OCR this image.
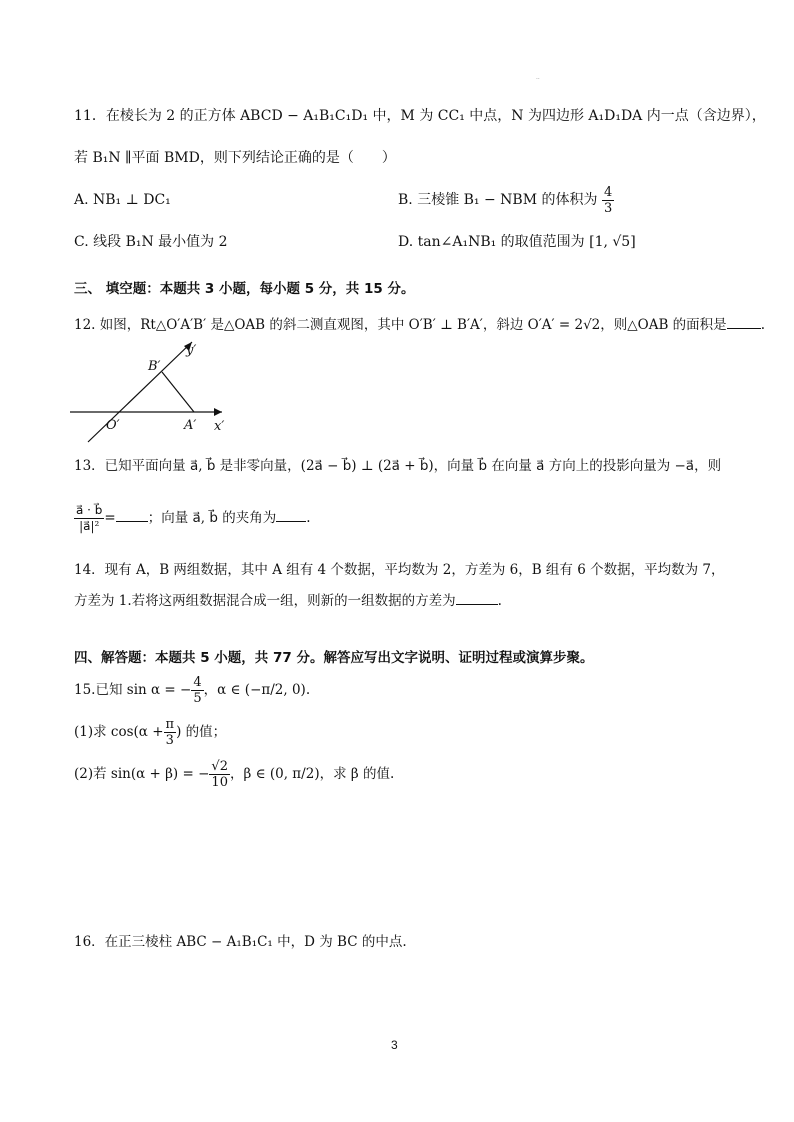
··
11．在棱长为 2 的正方体 ABCD − A₁B₁C₁D₁ 中，M 为 CC₁ 中点，N 为四边形 A₁D₁DA 内一点（含边界），
若 B₁N ∥平面 BMD，则下列结论正确的是（　　）
A. NB₁ ⊥ DC₁	B. 三棱锥 B₁ − NBM 的体积为 $\frac{4}{3}$
C. 线段 B₁N 最小值为 2	D. tan∠A₁NB₁ 的取值范围为 [1, √5]
三、 填空题：本题共 3 小题，每小题 5 分，共 15 分。
12. 如图，Rt△O′A′B′ 是△OAB 的斜二测直观图，其中 O′B′ ⊥ B′A′，斜边 O′A′ = 2√2，则△OAB 的面积是	.
B′
O′	A′ x′
y′
13．已知平面向量 a⃗, b⃗ 是非零向量，(2a⃗ − b⃗) ⊥ (2a⃗ + b⃗)，向量 b⃗ 在向量 a⃗ 方向上的投影向量为 −a⃗，则
$\frac{a⃗ \cdot b⃗}{\text{|a⃗|²}}$ = ；向量 a⃗, b⃗ 的夹角为 .
14．现有 A，B 两组数据，其中 A 组有 4 个数据，平均数为 2，方差为 6，B 组有 6 个数据，平均数为 7，
方差为 1.若将这两组数据混合成一组，则新的一组数据的方差为	.
四、解答题：本题共 5 小题，共 77 分。解答应写出文字说明、证明过程或演算步聚。
15.已知 sin α = − $\frac{4}{5}$ ，α ∈ (−π/2, 0).
(1)求 $\cos(\alpha + \frac{\pi}{3}$ ) 的值；
(2)若 sin(α + β) = − $\frac{√2}{10}$ ，β ∈ (0, π/2)，求 β 的值.
16．在正三棱柱 ABC − A₁B₁C₁ 中，D 为 BC 的中点.
3
